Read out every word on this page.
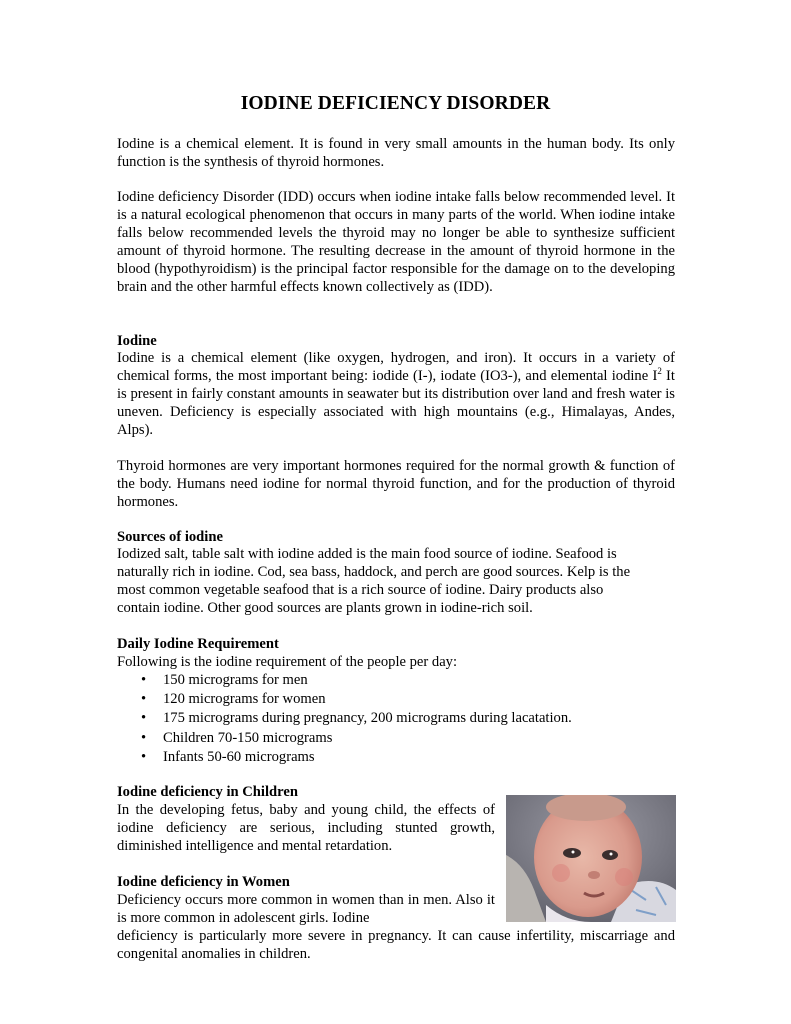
IODINE DEFICIENCY DISORDER
Iodine is a chemical element. It is found in very small amounts in the human body. Its only function is the synthesis of thyroid hormones.
Iodine deficiency Disorder (IDD) occurs when iodine intake falls below recommended level. It is a natural ecological phenomenon that occurs in many parts of the world. When iodine intake falls below recommended levels the thyroid may no longer be able to synthesize sufficient amount of thyroid hormone. The resulting decrease in the amount of thyroid hormone in the blood (hypothyroidism) is the principal factor responsible for the damage on to the developing brain and the other harmful effects known collectively as (IDD).
Iodine
Iodine is a chemical element (like oxygen, hydrogen, and iron). It occurs in a variety of chemical forms, the most important being: iodide (I-), iodate (IO3-), and elemental iodine $I^2$ It is present in fairly constant amounts in seawater but its distribution over land and fresh water is uneven. Deficiency is especially associated with high mountains (e.g., Himalayas, Andes, Alps).
Thyroid hormones are very important hormones required for the normal growth & function of the body. Humans need iodine for normal thyroid function, and for the production of thyroid hormones.
Sources of iodine
Iodized salt, table salt with iodine added is the main food source of iodine. Seafood is
naturally rich in iodine. Cod, sea bass, haddock, and perch are good sources. Kelp is the
most common vegetable seafood that is a rich source of iodine. Dairy products also
contain iodine. Other good sources are plants grown in iodine-rich soil.
Daily Iodine Requirement
Following is the iodine requirement of the people per day:
• 150 micrograms for men
• 120 micrograms for women
• 175 micrograms during pregnancy, 200 micrograms during lacatation.
• Children 70-150 micrograms
• Infants 50-60 micrograms
Iodine deficiency in Children
In the developing fetus, baby and young child, the effects of iodine deficiency are serious, including stunted growth, diminished intelligence and mental retardation.
Iodine deficiency in Women
Deficiency occurs more common in women than in men. Also it is more common in adolescent girls. Iodine
deficiency is particularly more severe in pregnancy. It can cause infertility, miscarriage and congenital anomalies in children.
